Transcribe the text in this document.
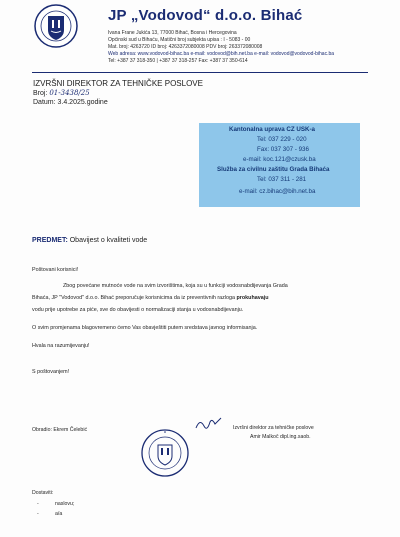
JP „Vodovod“ d.o.o. Bihać
Ivana Frane Jukića 13, 77000 Bihać, Bosna i Hercegovina
Općinski sud u Bihaću, Matični broj subjekta upisa : I - 5083 - 00
Mat. broj: 4263720 ID broj: 4263372080008 PDV broj: 263372080008
Web adresa: www.vodovod-bihac.ba e-mail: vodovod@bih.net.ba e-mail: vodovod@vodovod-bihac.ba
Tel: +387 37 318-350 | +387 37 318-257 Fax: +387 37 350-614
IZVRŠNI DIREKTOR ZA TEHNIČKE POSLOVE
Broj: 01-3438/25
Datum: 3.4.2025.godine
Kantonalna uprava CZ USK-a
Tel: 037 229 - 020
Fax: 037 307 - 936
e-mail: koc.121@czusk.ba
Služba za civilnu zaštitu Grada Bihaća
Tel: 037 311 - 281
e-mail: cz.bihac@bih.net.ba
PREDMET: Obavijest o kvaliteti vode
Poštovani korisnici!
Zbog povećane mutnoće vode na svim izvorištima, koja su u funkciji vodosnabdijevanja Grada
Bihaća, JP "Vodovod" d.o.o. Bihać preporučuje korisnicima da iz preventivnih razloga prokuhavaju
vodu prije upotrebe za piće, sve do obavijesti o normalizaciji stanja u vodosnabdijevanju.
O svim promjenama blagovremeno ćemo Vas obavještiti putem sredstava javnog informisanja.
Hvala na razumijevanju!
S poštovanjem!
Obradio: Ekrem Čelebić	Izvršni direktor za tehničke poslove
Amir Malkoč dipl.ing.saob.
Dostaviti:
-	naslovu;
-	a/a
